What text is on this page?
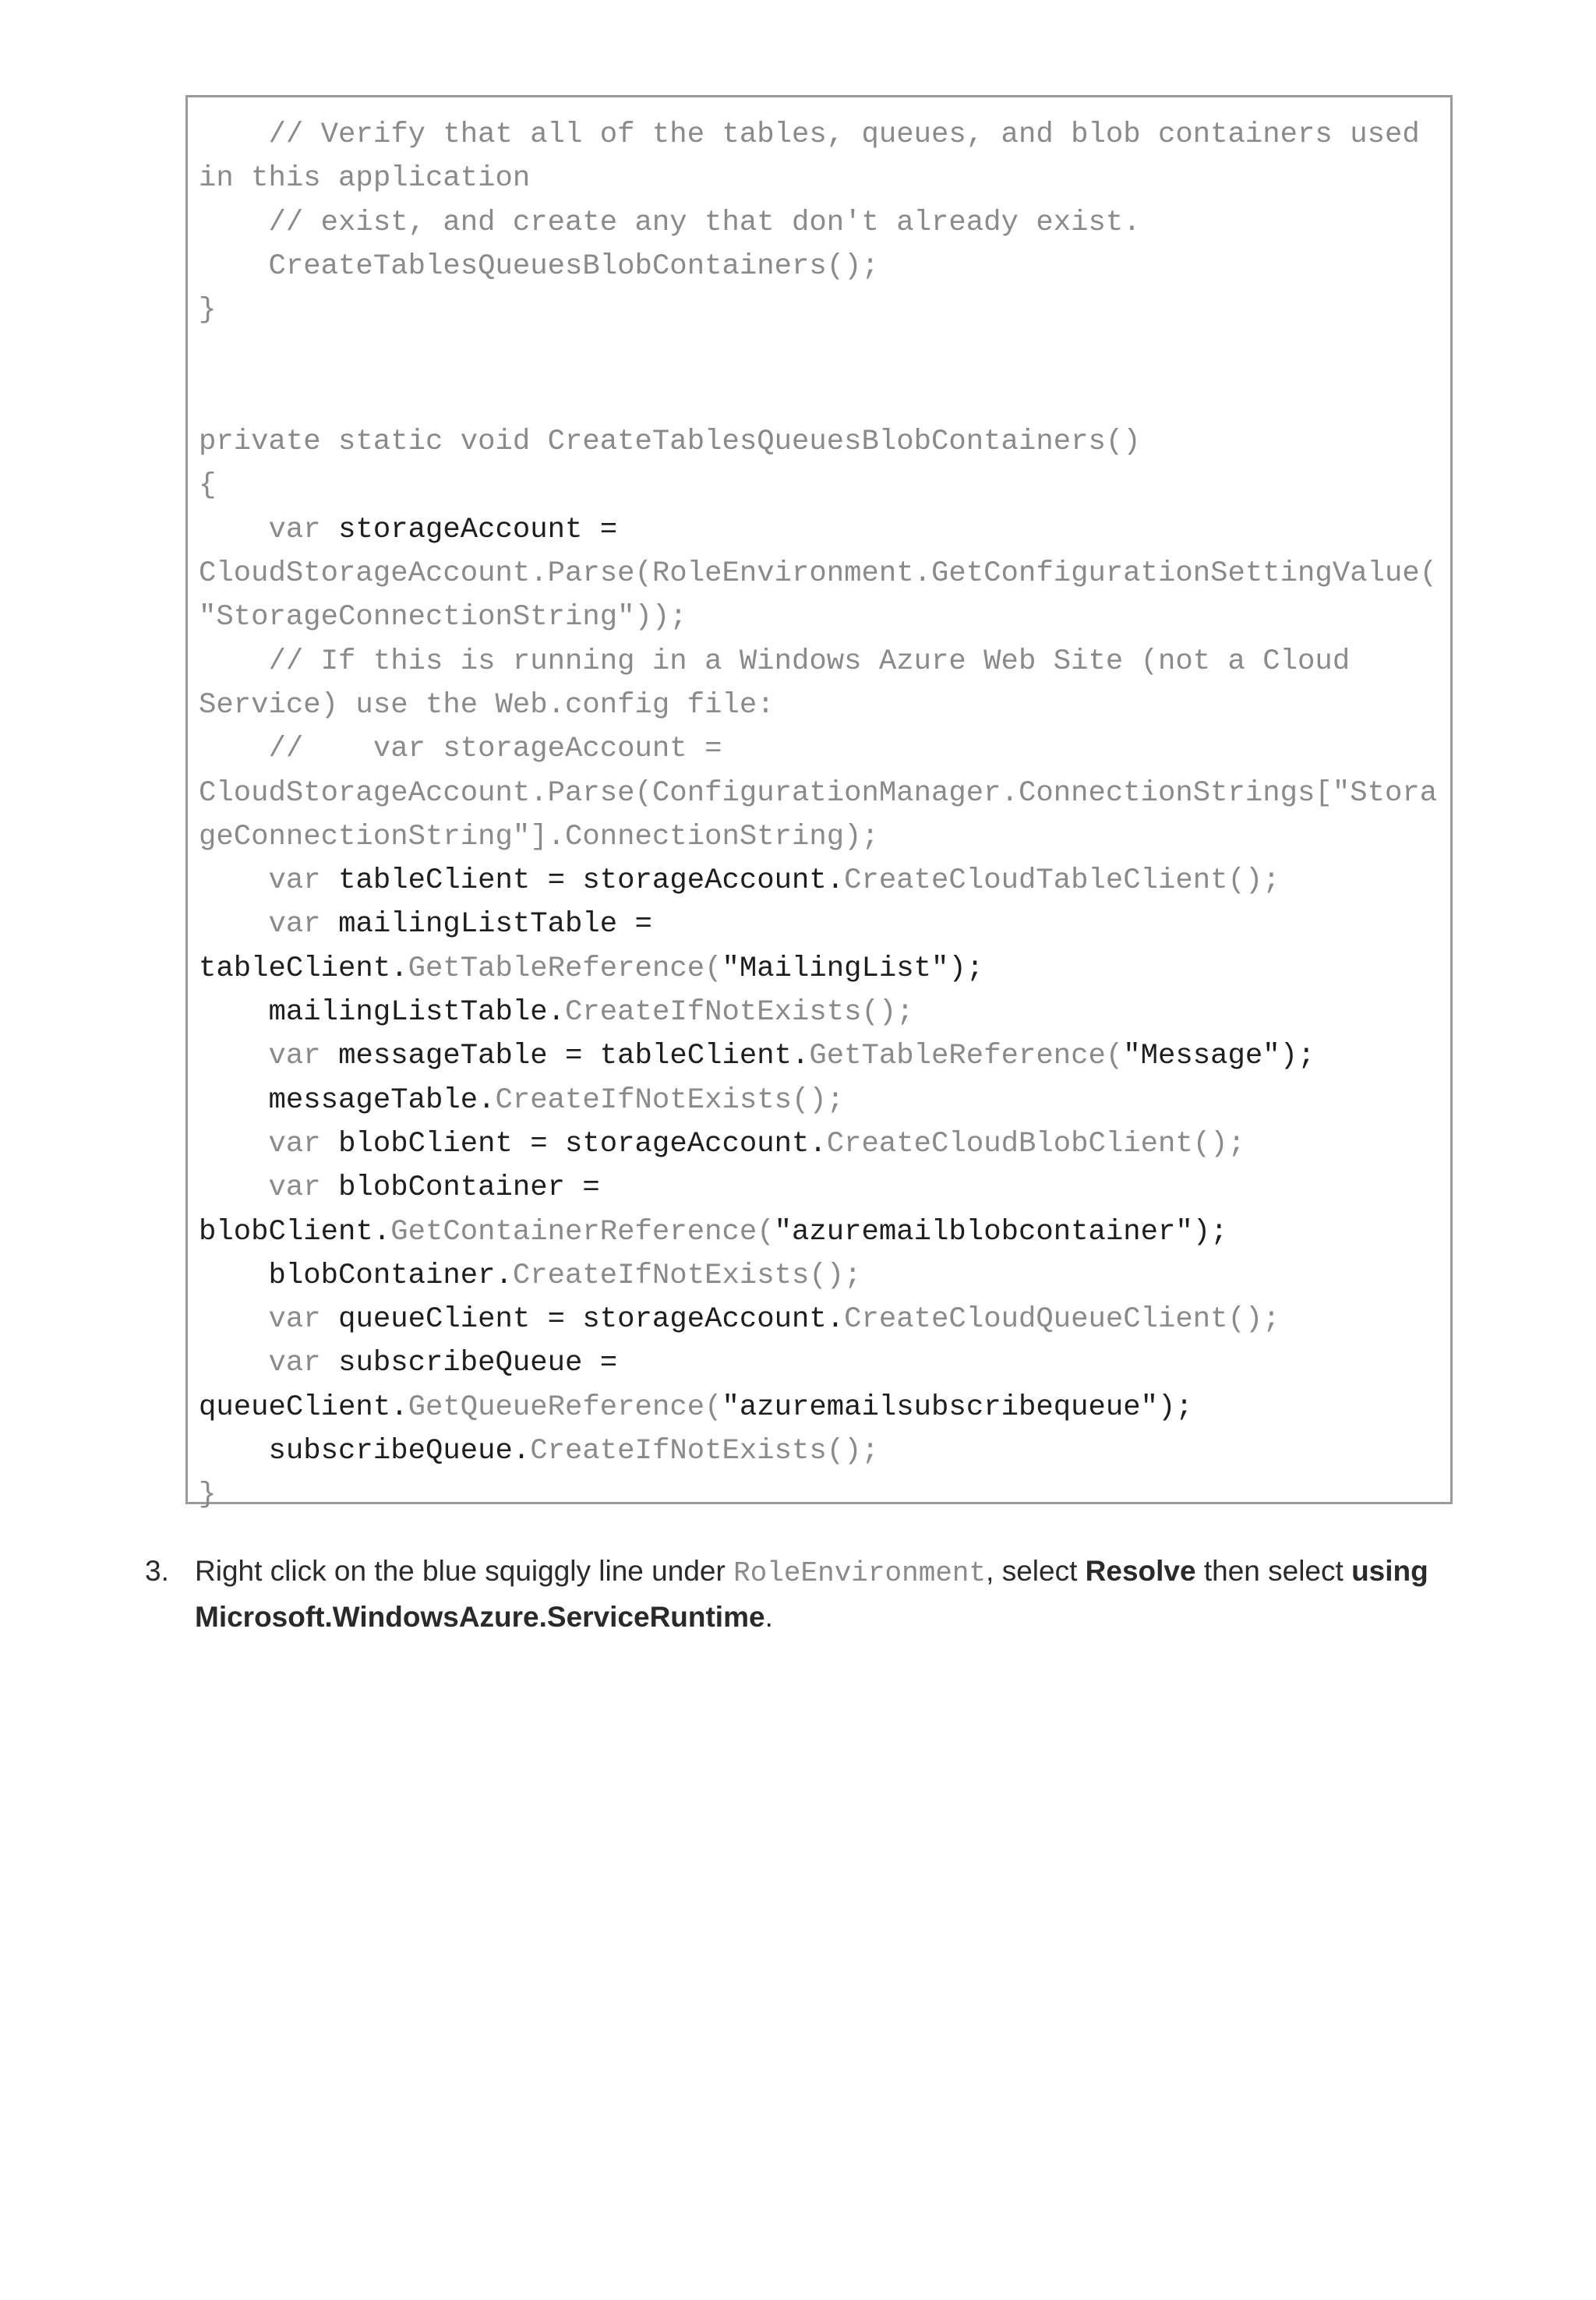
// Verify that all of the tables, queues, and blob containers used
in this application
// exist, and create any that don't already exist.
CreateTablesQueuesBlobContainers();
}
private static void CreateTablesQueuesBlobContainers()
{
var storageAccount =
CloudStorageAccount.Parse(RoleEnvironment.GetConfigurationSettingValue(
"StorageConnectionString"));
// If this is running in a Windows Azure Web Site (not a Cloud
Service) use the Web.config file:
//    var storageAccount =
CloudStorageAccount.Parse(ConfigurationManager.ConnectionStrings["Stora
geConnectionString"].ConnectionString);
var tableClient = storageAccount.CreateCloudTableClient();
var mailingListTable =
tableClient.GetTableReference("MailingList");
mailingListTable.CreateIfNotExists();
var messageTable = tableClient.GetTableReference("Message");
messageTable.CreateIfNotExists();
var blobClient = storageAccount.CreateCloudBlobClient();
var blobContainer =
blobClient.GetContainerReference("azuremailblobcontainer");
blobContainer.CreateIfNotExists();
var queueClient = storageAccount.CreateCloudQueueClient();
var subscribeQueue =
queueClient.GetQueueReference("azuremailsubscribequeue");
subscribeQueue.CreateIfNotExists();
}
3. Right click on the blue squiggly line under RoleEnvironment, select Resolve then select using Microsoft.WindowsAzure.ServiceRuntime.
